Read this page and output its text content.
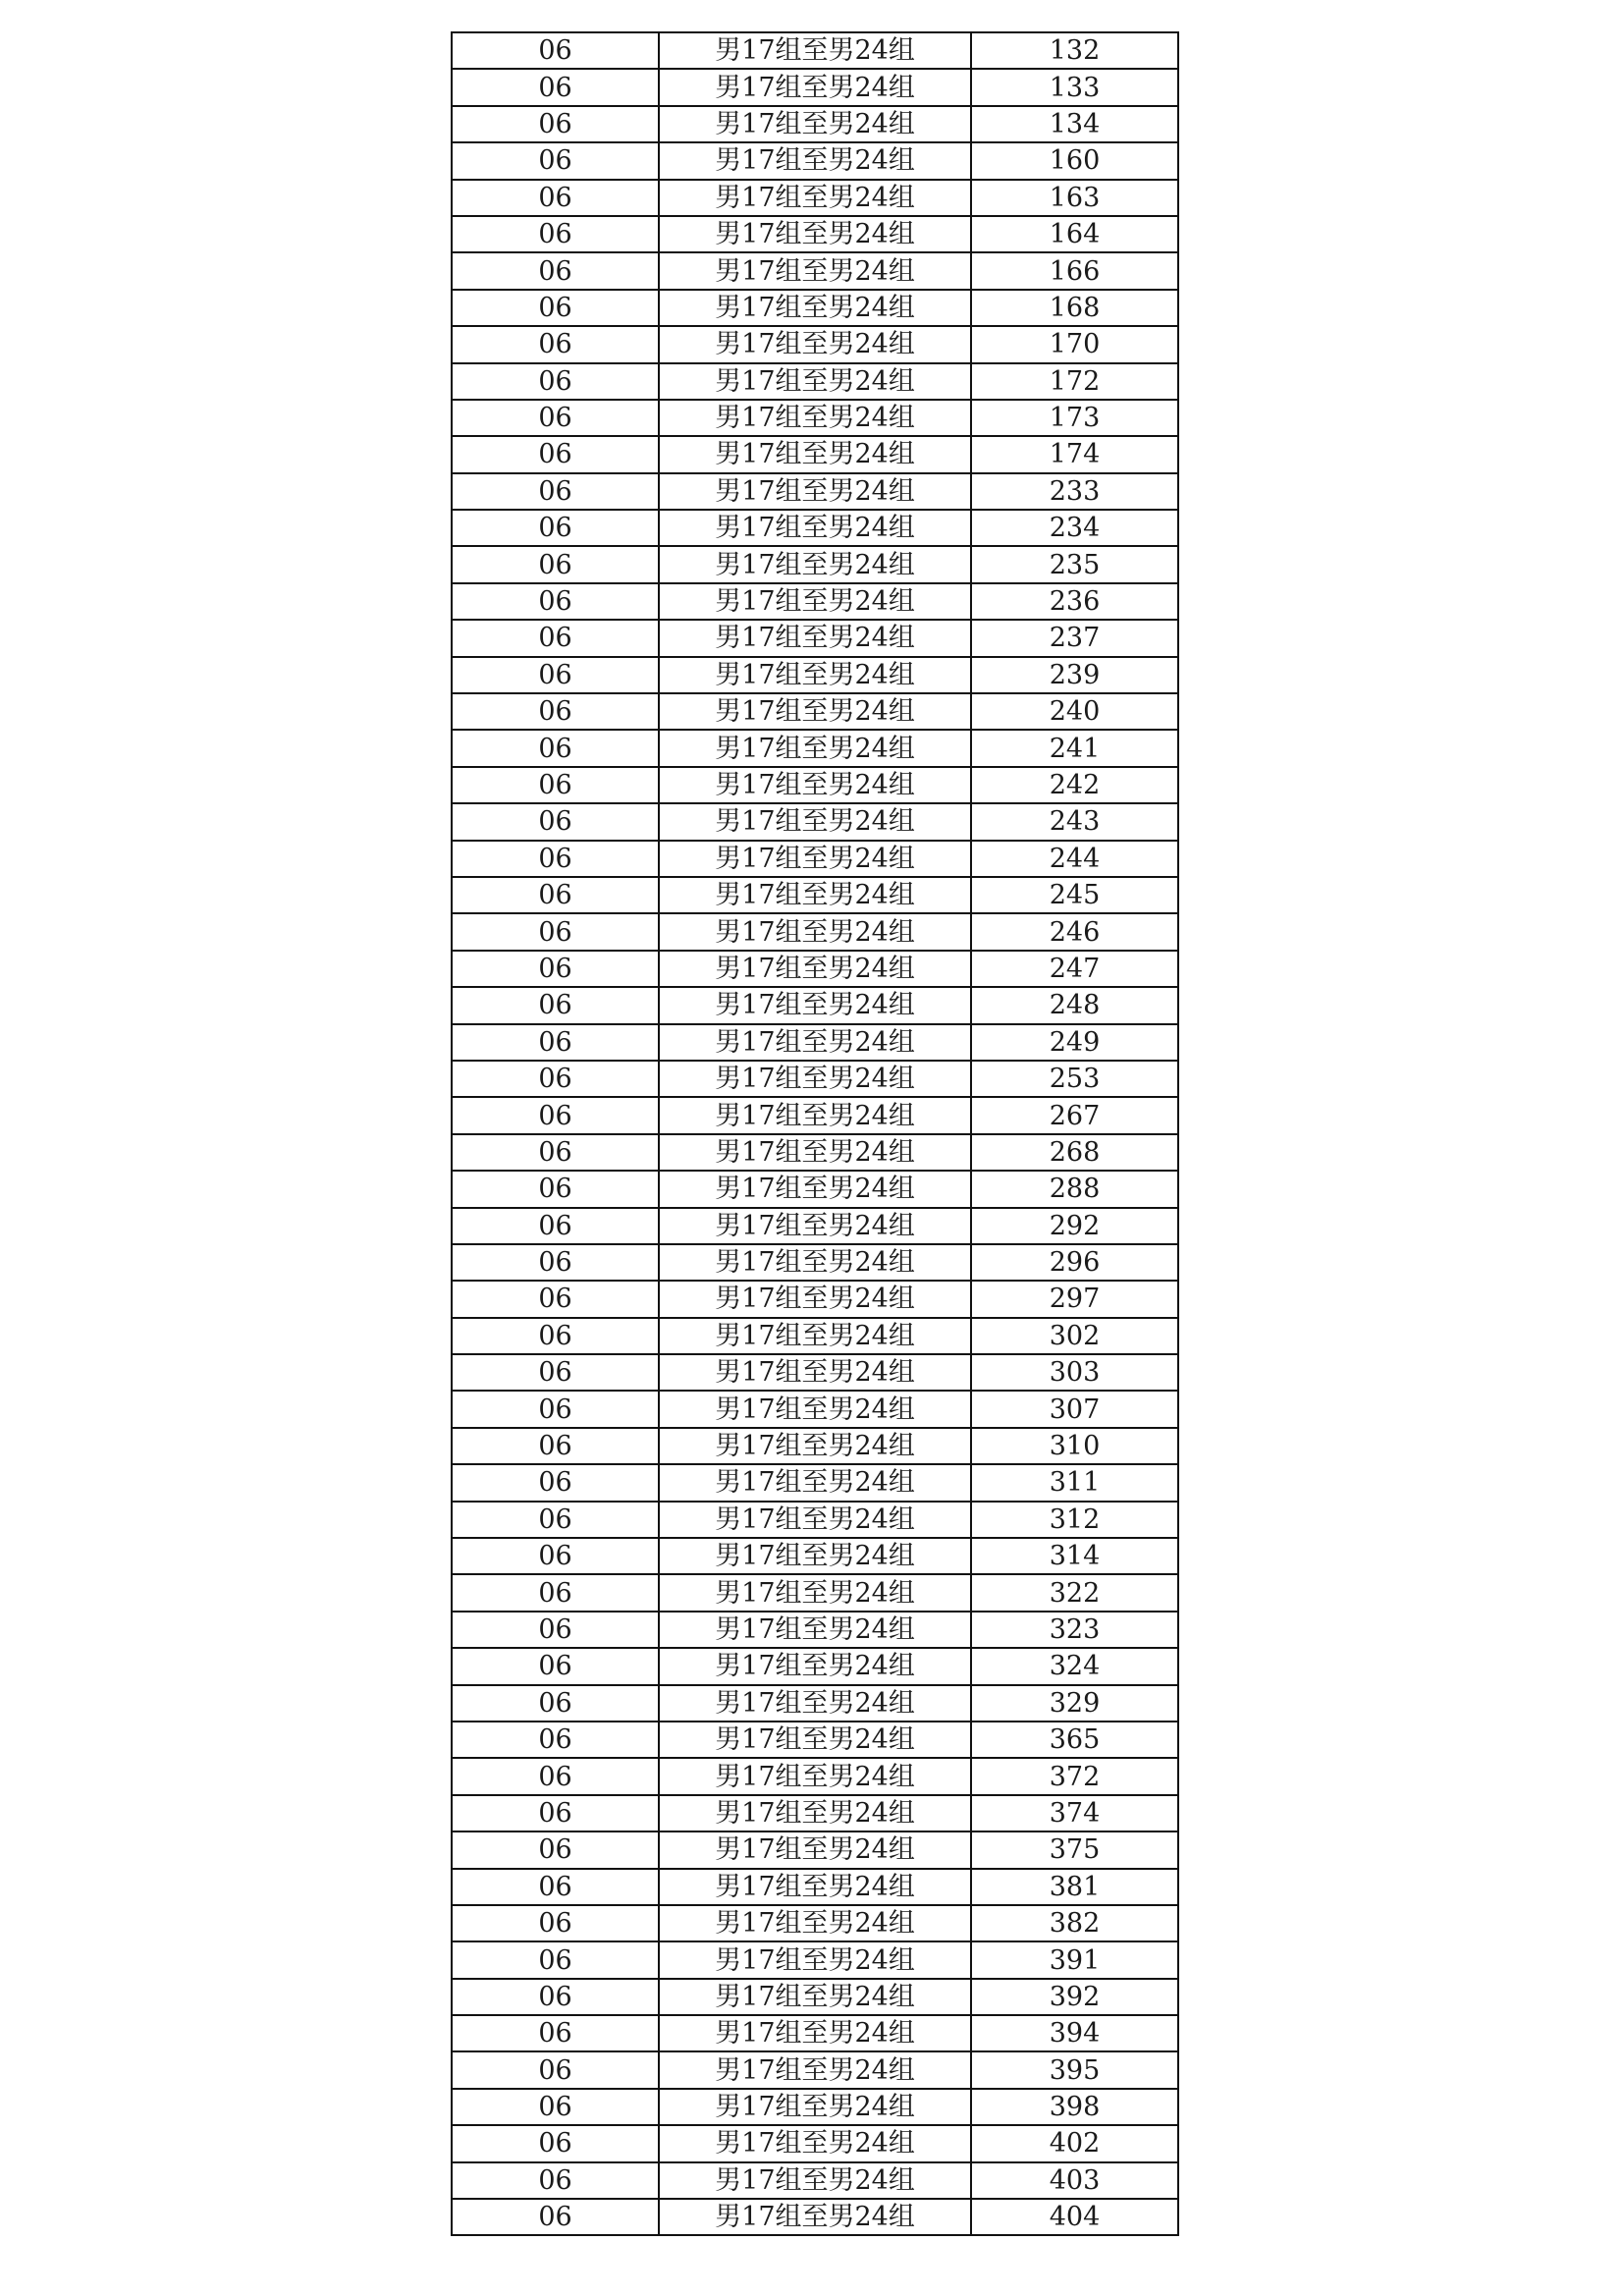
06	男17组至男24组	132
06	男17组至男24组	133
06	男17组至男24组	134
06	男17组至男24组	160
06	男17组至男24组	163
06	男17组至男24组	164
06	男17组至男24组	166
06	男17组至男24组	168
06	男17组至男24组	170
06	男17组至男24组	172
06	男17组至男24组	173
06	男17组至男24组	174
06	男17组至男24组	233
06	男17组至男24组	234
06	男17组至男24组	235
06	男17组至男24组	236
06	男17组至男24组	237
06	男17组至男24组	239
06	男17组至男24组	240
06	男17组至男24组	241
06	男17组至男24组	242
06	男17组至男24组	243
06	男17组至男24组	244
06	男17组至男24组	245
06	男17组至男24组	246
06	男17组至男24组	247
06	男17组至男24组	248
06	男17组至男24组	249
06	男17组至男24组	253
06	男17组至男24组	267
06	男17组至男24组	268
06	男17组至男24组	288
06	男17组至男24组	292
06	男17组至男24组	296
06	男17组至男24组	297
06	男17组至男24组	302
06	男17组至男24组	303
06	男17组至男24组	307
06	男17组至男24组	310
06	男17组至男24组	311
06	男17组至男24组	312
06	男17组至男24组	314
06	男17组至男24组	322
06	男17组至男24组	323
06	男17组至男24组	324
06	男17组至男24组	329
06	男17组至男24组	365
06	男17组至男24组	372
06	男17组至男24组	374
06	男17组至男24组	375
06	男17组至男24组	381
06	男17组至男24组	382
06	男17组至男24组	391
06	男17组至男24组	392
06	男17组至男24组	394
06	男17组至男24组	395
06	男17组至男24组	398
06	男17组至男24组	402
06	男17组至男24组	403
06	男17组至男24组	404
